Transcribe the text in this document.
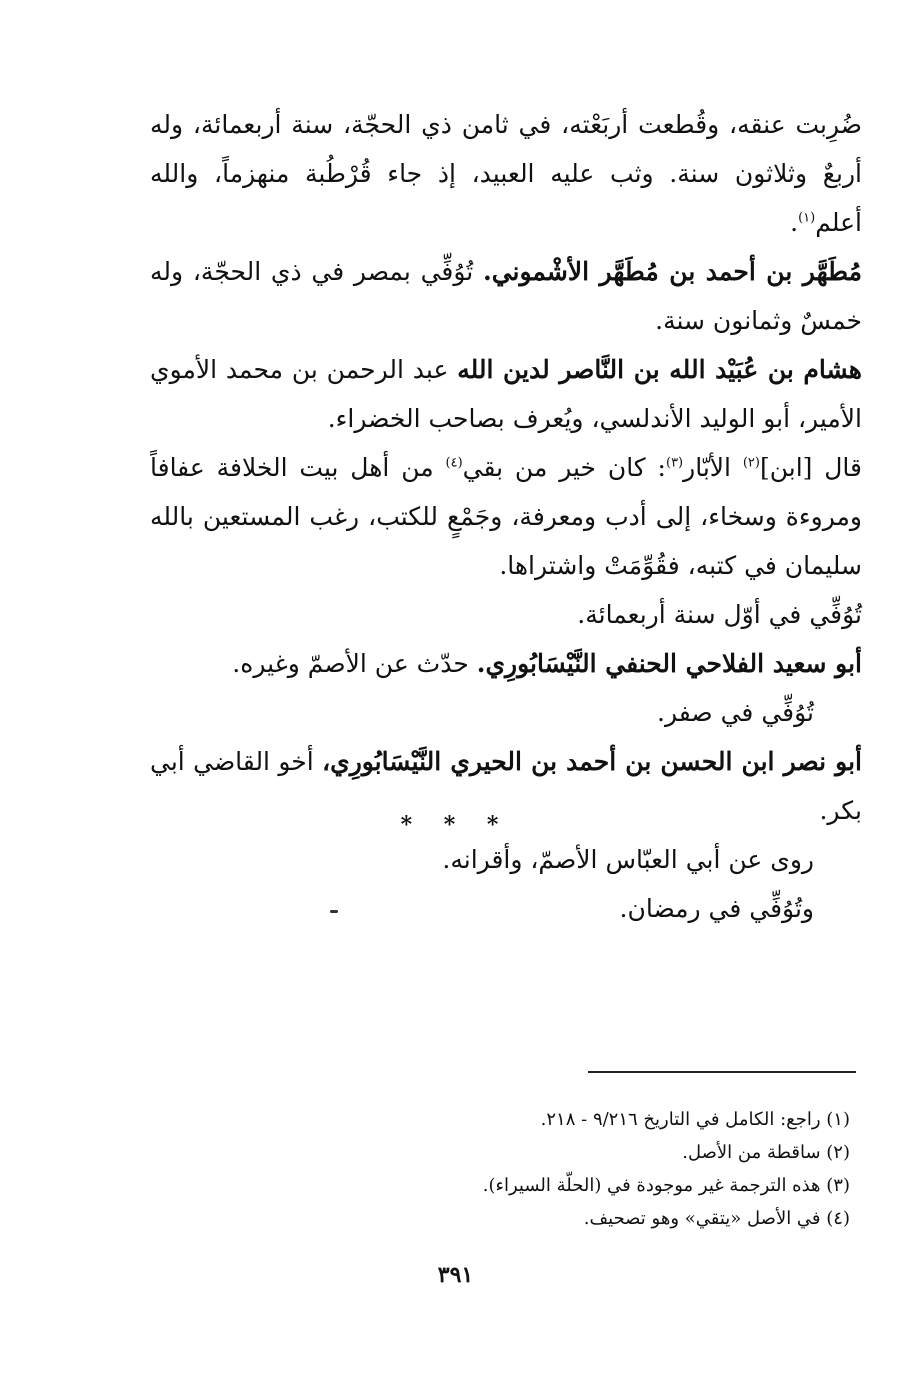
ضُرِبت عنقه، وقُطعت أربَعْته، في ثامن ذي الحجّة، سنة أربعمائة، وله أربعٌ وثلاثون سنة. وثب عليه العبيد، إذ جاء قُرْطُبة منهزماً، والله أعلم$^{(١)}$.

مُطَهَّر بن أحمد بن مُطَهَّر الأشْموني. تُوُفِّي بمصر في ذي الحجّة، وله خمسٌ وثمانون سنة.

هشام بن عُبَيْد الله بن النَّاصر لدين الله عبد الرحمن بن محمد الأموي الأمير، أبو الوليد الأندلسي، ويُعرف بصاحب الخضراء.

قال [ابن]$^{(٢)}$ الأبّار$^{(٣)}$: كان خير من بقي$^{(٤)}$ من أهل بيت الخلافة عفافاً ومروءة وسخاء، إلى أدب ومعرفة، وجَمْعٍ للكتب، رغب المستعين بالله سليمان في كتبه، فقُوِّمَتْ واشتراها.

تُوُفِّي في أوّل سنة أربعمائة.

أبو سعيد الفلاحي الحنفي النَّيْسَابُورِي. حدّث عن الأصمّ وغيره.

تُوُفِّي في صفر.

أبو نصر ابن الحسن بن أحمد بن الحيري النَّيْسَابُورِي، أخو القاضي أبي بكر.

روى عن أبي العبّاس الأصمّ، وأقرانه.

وتُوُفِّي في رمضان.

* * *

(١) راجع: الكامل في التاريخ ٩/٢١٦ - ٢١٨.

(٢) ساقطة من الأصل.

(٣) هذه الترجمة غير موجودة في (الحلّة السيراء).

(٤) في الأصل «يتقي» وهو تصحيف.

٣٩١
